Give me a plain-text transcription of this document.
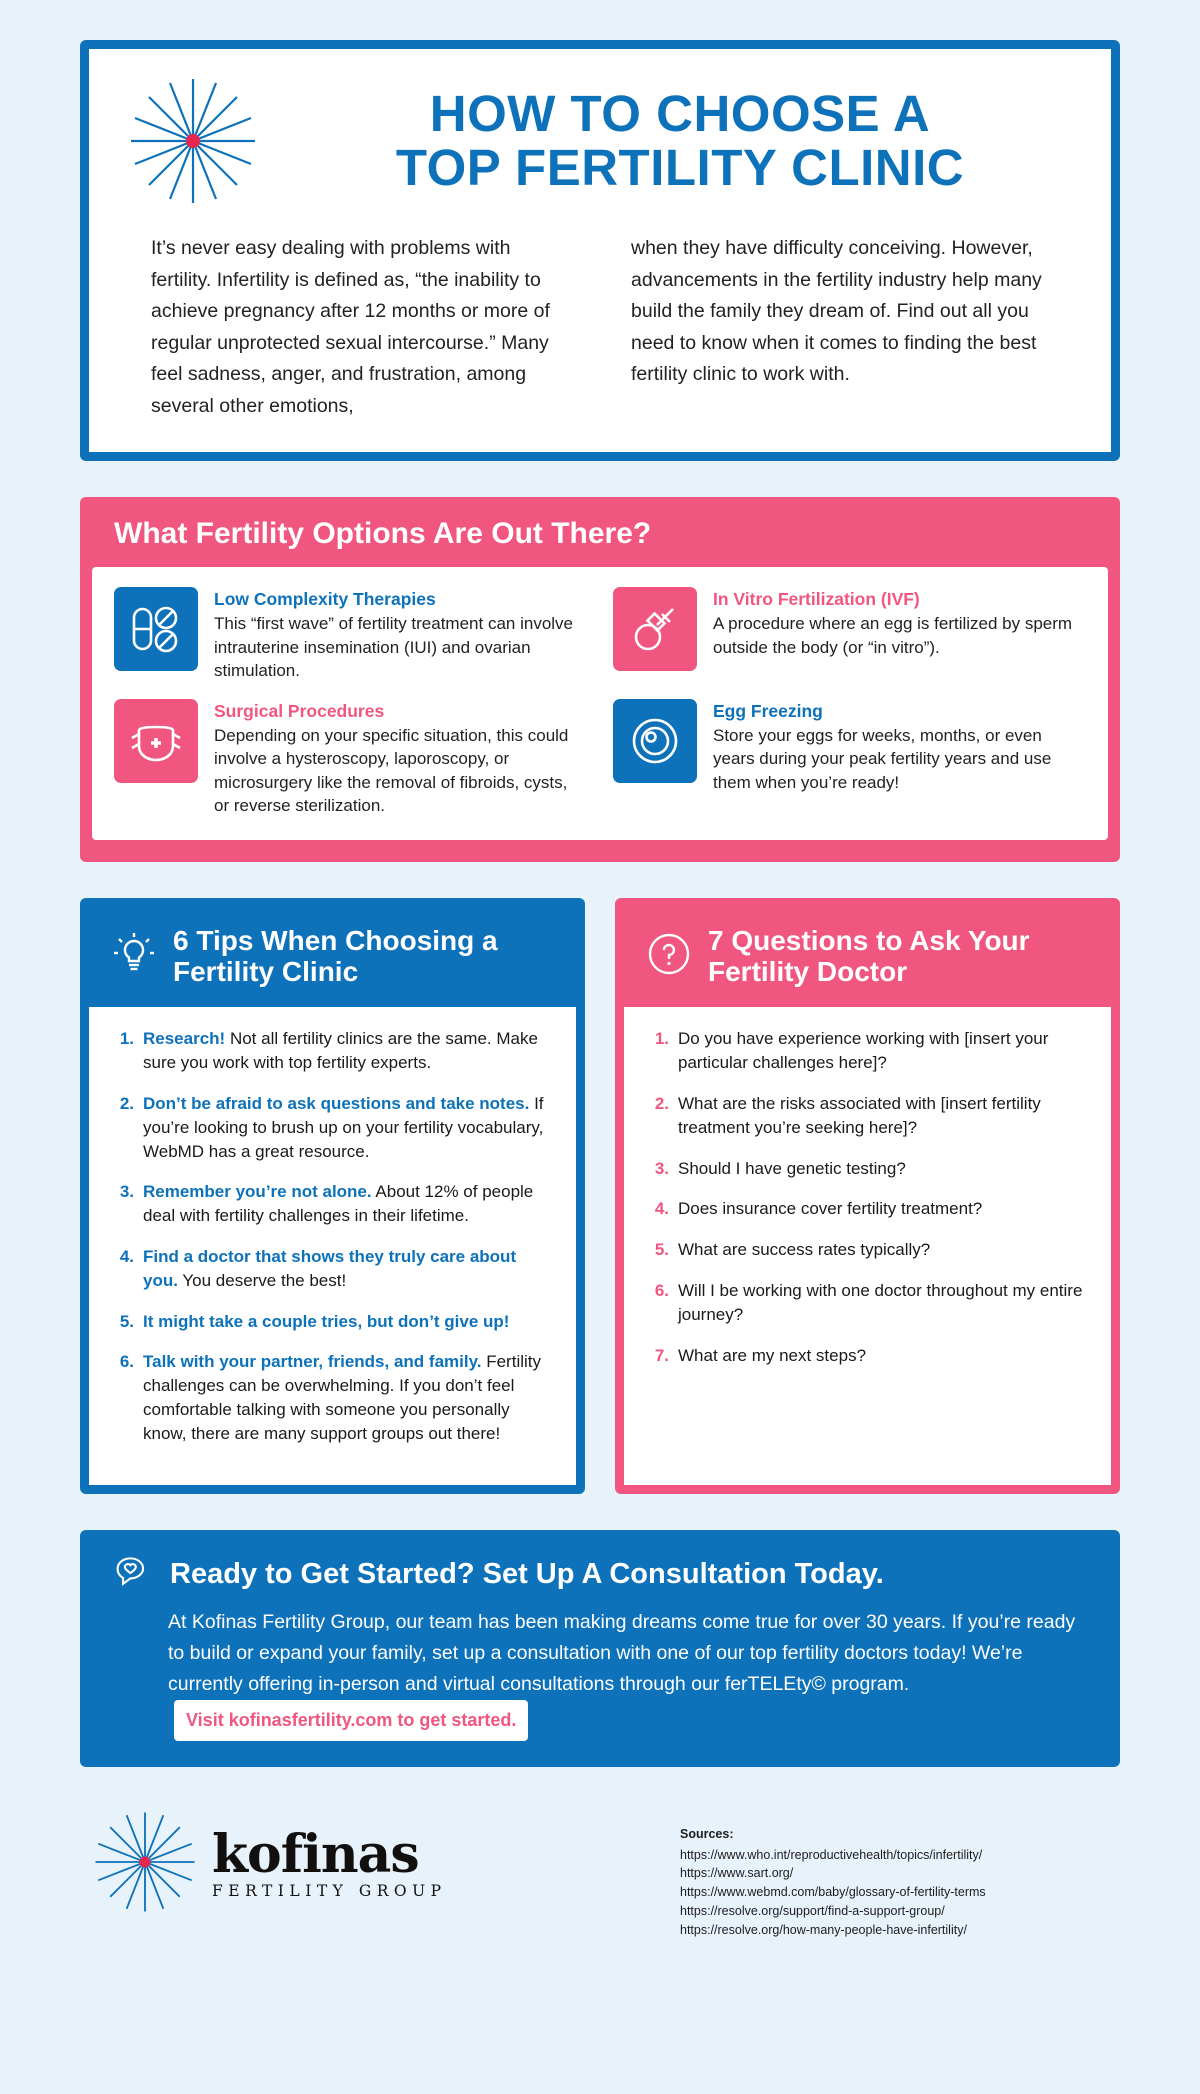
HOW TO CHOOSE A
TOP FERTILITY CLINIC

It’s never easy dealing with problems with fertility. Infertility is defined as, “the inability to achieve pregnancy after 12 months or more of regular unprotected sexual intercourse.” Many feel sadness, anger, and frustration, among several other emotions,

when they have difficulty conceiving. However, advancements in the fertility industry help many build the family they dream of. Find out all you need to know when it comes to finding the best fertility clinic to work with.

What Fertility Options Are Out There?
Low Complexity Therapies
This “first wave” of fertility treatment can involve intrauterine insemination (IUI) and ovarian stimulation.
In Vitro Fertilization (IVF)
A procedure where an egg is fertilized by sperm outside the body (or “in vitro”).
Surgical Procedures
Depending on your specific situation, this could involve a hysteroscopy, laporoscopy, or microsurgery like the removal of fibroids, cysts, or reverse sterilization.
Egg Freezing
Store your eggs for weeks, months, or even years during your peak fertility years and use them when you’re ready!
6 Tips When Choosing a Fertility Clinic
1. Research! Not all fertility clinics are the same. Make sure you work with top fertility experts.
2. Don’t be afraid to ask questions and take notes. If you’re looking to brush up on your fertility vocabulary, WebMD has a great resource.
3. Remember you’re not alone. About 12% of people deal with fertility challenges in their lifetime.
4. Find a doctor that shows they truly care about you. You deserve the best!
5. It might take a couple tries, but don’t give up!
6. Talk with your partner, friends, and family. Fertility challenges can be overwhelming. If you don’t feel comfortable talking with someone you personally know, there are many support groups out there!
7 Questions to Ask Your Fertility Doctor
1. Do you have experience working with [insert your particular challenges here]?
2. What are the risks associated with [insert fertility treatment you’re seeking here]?
3. Should I have genetic testing?
4. Does insurance cover fertility treatment?
5. What are success rates typically?
6. Will I be working with one doctor throughout my entire journey?
7. What are my next steps?
Ready to Get Started? Set Up A Consultation Today.

At Kofinas Fertility Group, our team has been making dreams come true for over 30 years. If you’re ready to build or expand your family, set up a consultation with one of our top fertility doctors today! We’re currently offering in-person and virtual consultations through our ferTELEty© program. Visit kofinasfertility.com to get started.

kofinas
FERTILITY GROUP
Sources:
https://www.who.int/reproductivehealth/topics/infertility/
https://www.sart.org/
https://www.webmd.com/baby/glossary-of-fertility-terms
https://resolve.org/support/find-a-support-group/
https://resolve.org/how-many-people-have-infertility/
